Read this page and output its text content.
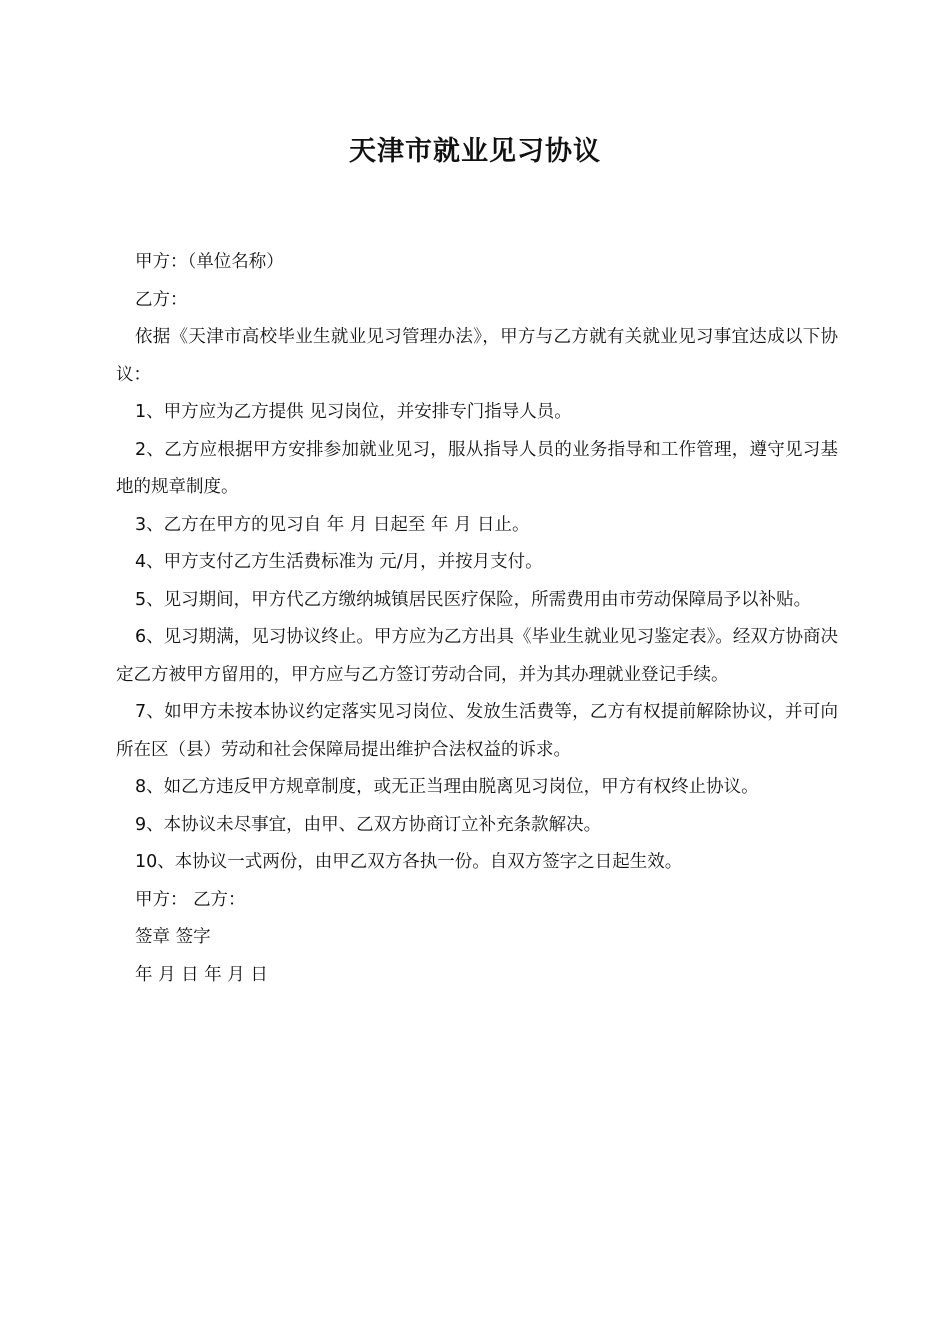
天津市就业见习协议

甲方：（单位名称）

乙方：

依据《天津市高校毕业生就业见习管理办法》，甲方与乙方就有关就业见习事宜达成以下协议：

1、甲方应为乙方提供 见习岗位，并安排专门指导人员。

2、乙方应根据甲方安排参加就业见习，服从指导人员的业务指导和工作管理，遵守见习基地的规章制度。

3、乙方在甲方的见习自 年 月 日起至 年 月 日止。

4、甲方支付乙方生活费标准为 元/月，并按月支付。

5、见习期间，甲方代乙方缴纳城镇居民医疗保险，所需费用由市劳动保障局予以补贴。

6、见习期满，见习协议终止。甲方应为乙方出具《毕业生就业见习鉴定表》。经双方协商决定乙方被甲方留用的，甲方应与乙方签订劳动合同，并为其办理就业登记手续。

7、如甲方未按本协议约定落实见习岗位、发放生活费等，乙方有权提前解除协议，并可向所在区（县）劳动和社会保障局提出维护合法权益的诉求。

8、如乙方违反甲方规章制度，或无正当理由脱离见习岗位，甲方有权终止协议。

9、本协议未尽事宜，由甲、乙双方协商订立补充条款解决。

10、本协议一式两份，由甲乙双方各执一份。自双方签字之日起生效。

甲方： 乙方：

签章 签字

年 月 日 年 月 日
